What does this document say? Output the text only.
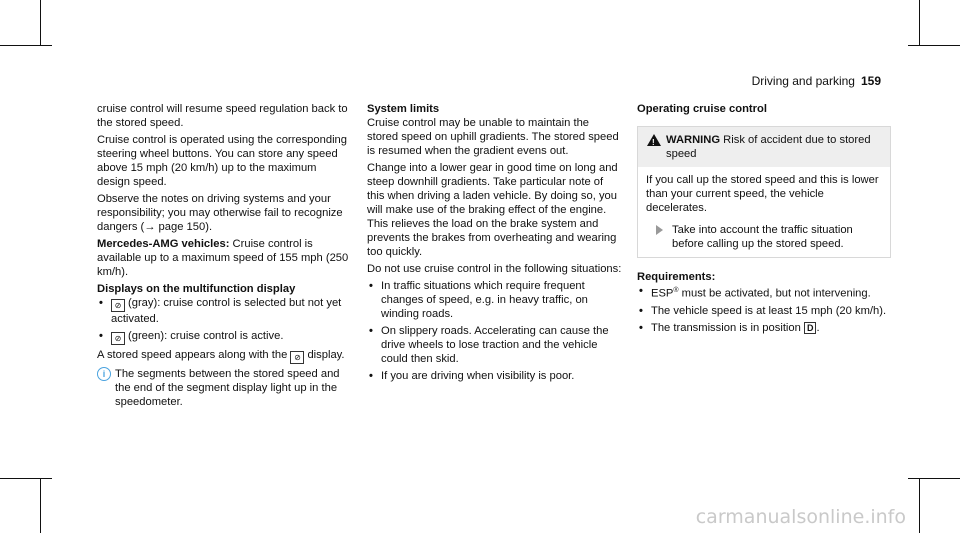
Driving and parking 159

cruise control will resume speed regulation back to the stored speed.

Cruise control is operated using the corresponding steering wheel buttons. You can store any speed above 15 mph (20 km/h) up to the maximum design speed.

Observe the notes on driving systems and your responsibility; you may otherwise fail to recognize dangers (→ page 150).

Mercedes-AMG vehicles: Cruise control is available up to a maximum speed of 155 mph (250 km/h).

Displays on the multifunction display
• ⊘ (gray): cruise control is selected but not yet activated.
• ⊘ (green): cruise control is active.

A stored speed appears along with the ⊘ display.

i The segments between the stored speed and the end of the segment display light up in the speedometer.
System limits

Cruise control may be unable to maintain the stored speed on uphill gradients. The stored speed is resumed when the gradient evens out.

Change into a lower gear in good time on long and steep downhill gradients. Take particular note of this when driving a laden vehicle. By doing so, you will make use of the braking effect of the engine. This relieves the load on the brake system and prevents the brakes from overheating and wearing too quickly.

Do not use cruise control in the following situations:

• In traffic situations which require frequent changes of speed, e.g. in heavy traffic, on winding roads.
• On slippery roads. Accelerating can cause the drive wheels to lose traction and the vehicle could then skid.
• If you are driving when visibility is poor.
Operating cruise control
! WARNING Risk of accident due to stored speed

If you call up the stored speed and this is lower than your current speed, the vehicle decelerates.

Take into account the traffic situation before calling up the stored speed.
Requirements:
• ESP® must be activated, but not intervening.
• The vehicle speed is at least 15 mph (20 km/h).
• The transmission is in position D .
carmanualsonline.info
